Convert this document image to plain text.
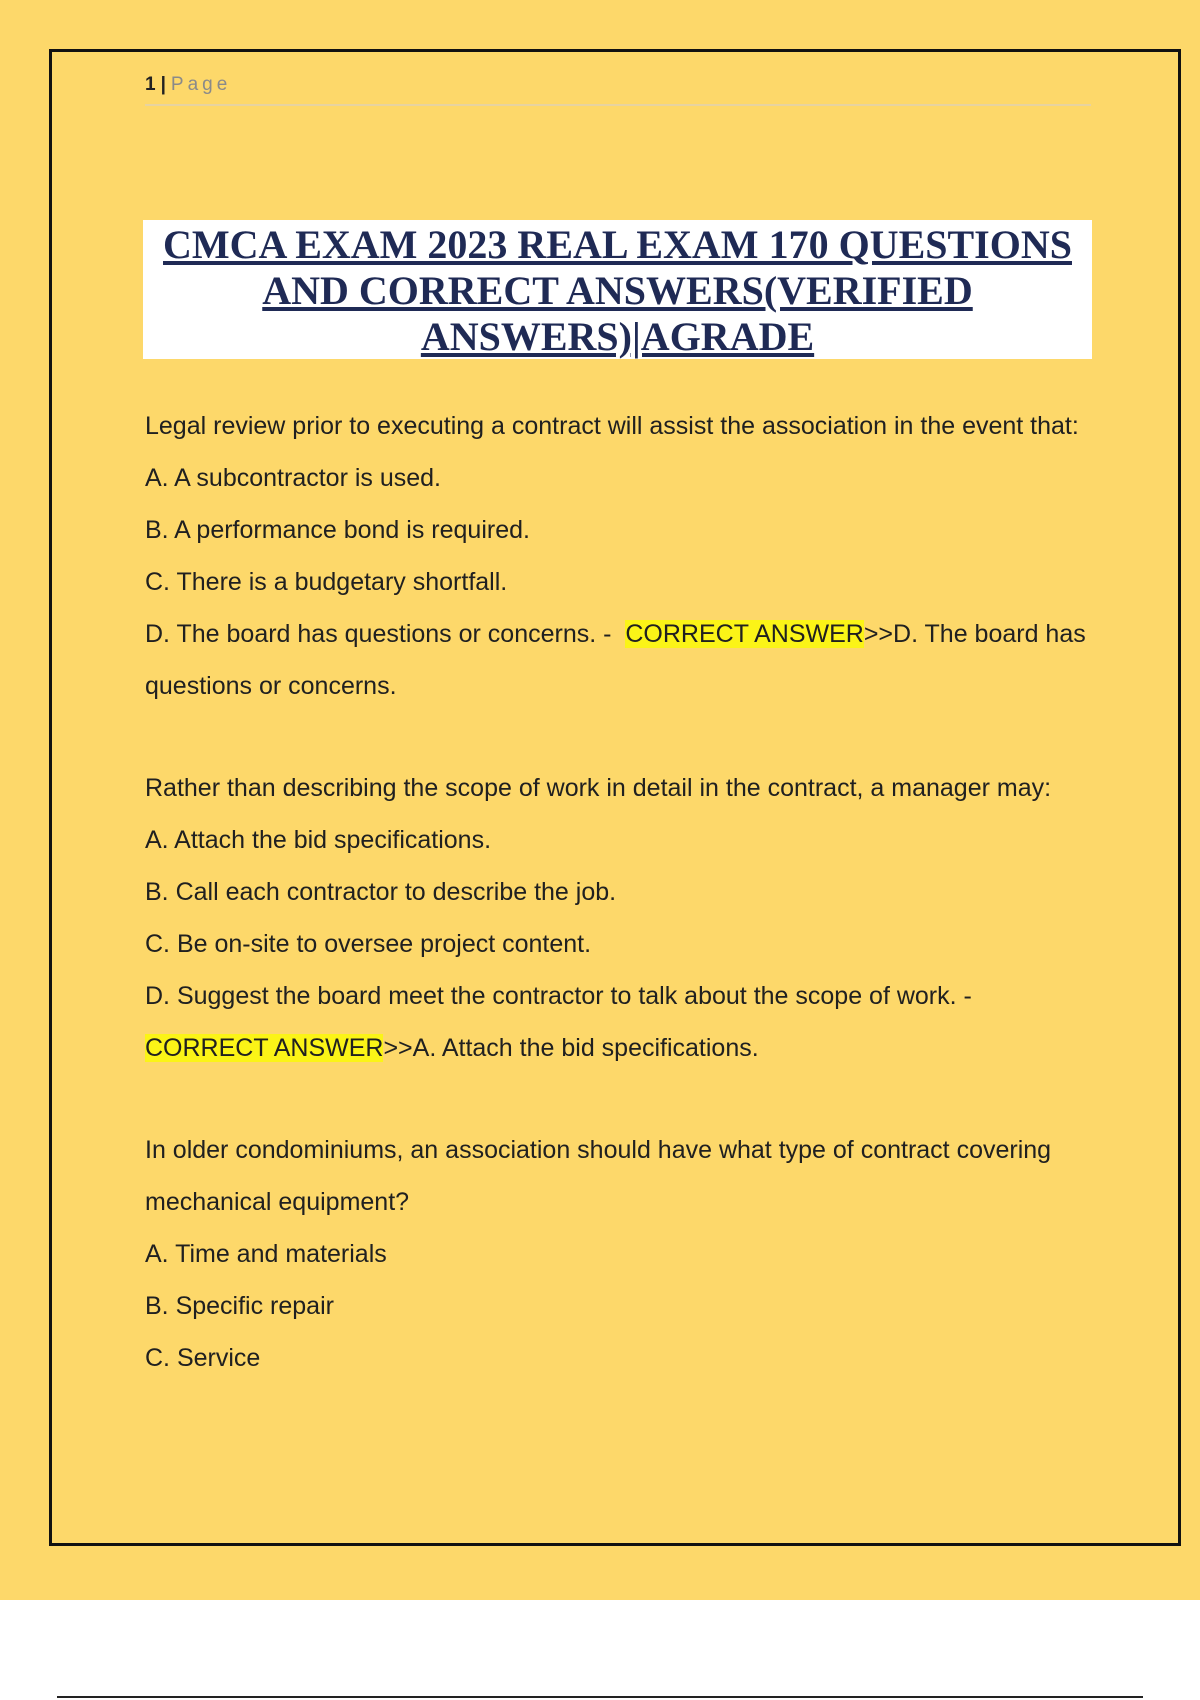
1 | Page
CMCA EXAM 2023 REAL EXAM 170 QUESTIONS
AND CORRECT ANSWERS(VERIFIED
ANSWERS)|AGRADE

Legal review prior to executing a contract will assist the association in the event that:

A. A subcontractor is used.

B. A performance bond is required.

C. There is a budgetary shortfall.

D. The board has questions or concerns. - CORRECT ANSWER>>D. The board has questions or concerns.

Rather than describing the scope of work in detail in the contract, a manager may:

A. Attach the bid specifications.

B. Call each contractor to describe the job.

C. Be on-site to oversee project content.

D. Suggest the board meet the contractor to talk about the scope of work. - CORRECT ANSWER>>A. Attach the bid specifications.

In older condominiums, an association should have what type of contract covering mechanical equipment?

A. Time and materials

B. Specific repair

C. Service
